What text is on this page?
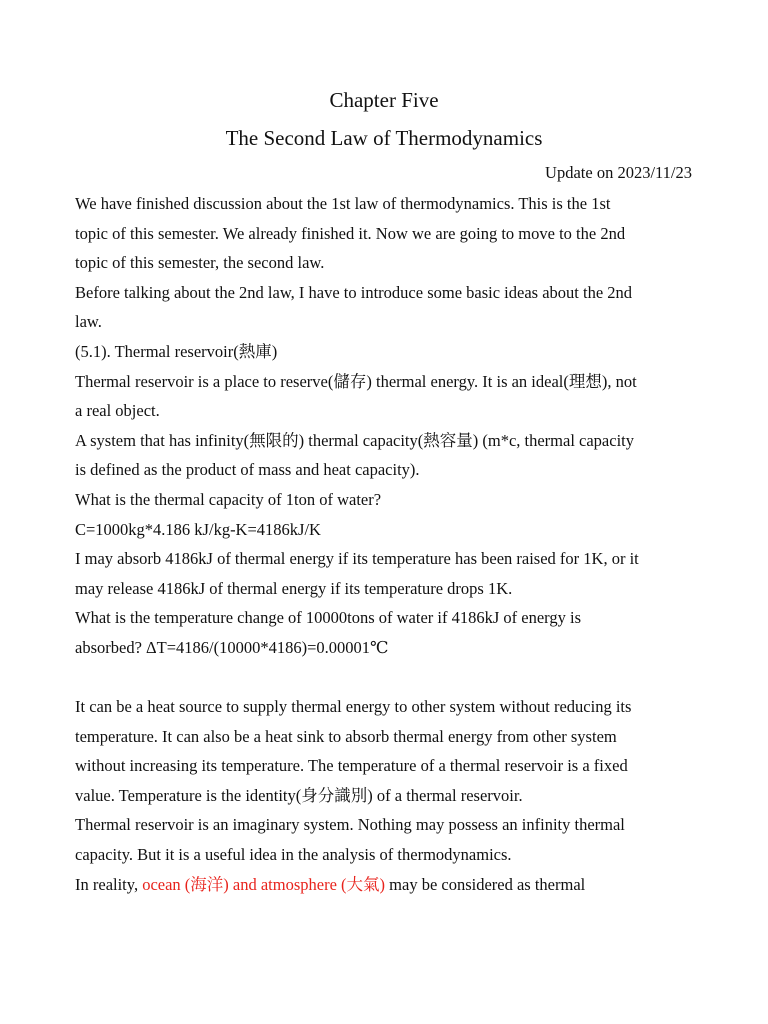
Chapter Five
The Second Law of Thermodynamics
Update on 2023/11/23
We have finished discussion about the 1st law of thermodynamics. This is the 1st
topic of this semester. We already finished it. Now we are going to move to the 2nd
topic of this semester, the second law.
Before talking about the 2nd law, I have to introduce some basic ideas about the 2nd
law.
(5.1). Thermal reservoir(熱庫)
Thermal reservoir is a place to reserve(儲存) thermal energy. It is an ideal(理想), not
a real object.
A system that has infinity(無限的) thermal capacity(熱容量) (m*c, thermal capacity
is defined as the product of mass and heat capacity).
What is the thermal capacity of 1ton of water?
C=1000kg*4.186 kJ/kg-K=4186kJ/K
I may absorb 4186kJ of thermal energy if its temperature has been raised for 1K, or it
may release 4186kJ of thermal energy if its temperature drops 1K.
What is the temperature change of 10000tons of water if 4186kJ of energy is
absorbed? ΔT=4186/(10000*4186)=0.00001℃
It can be a heat source to supply thermal energy to other system without reducing its
temperature. It can also be a heat sink to absorb thermal energy from other system
without increasing its temperature. The temperature of a thermal reservoir is a fixed
value. Temperature is the identity(身分識別) of a thermal reservoir.
Thermal reservoir is an imaginary system. Nothing may possess an infinity thermal
capacity. But it is a useful idea in the analysis of thermodynamics.
In reality, ocean (海洋) and atmosphere (大氣) may be considered as thermal
